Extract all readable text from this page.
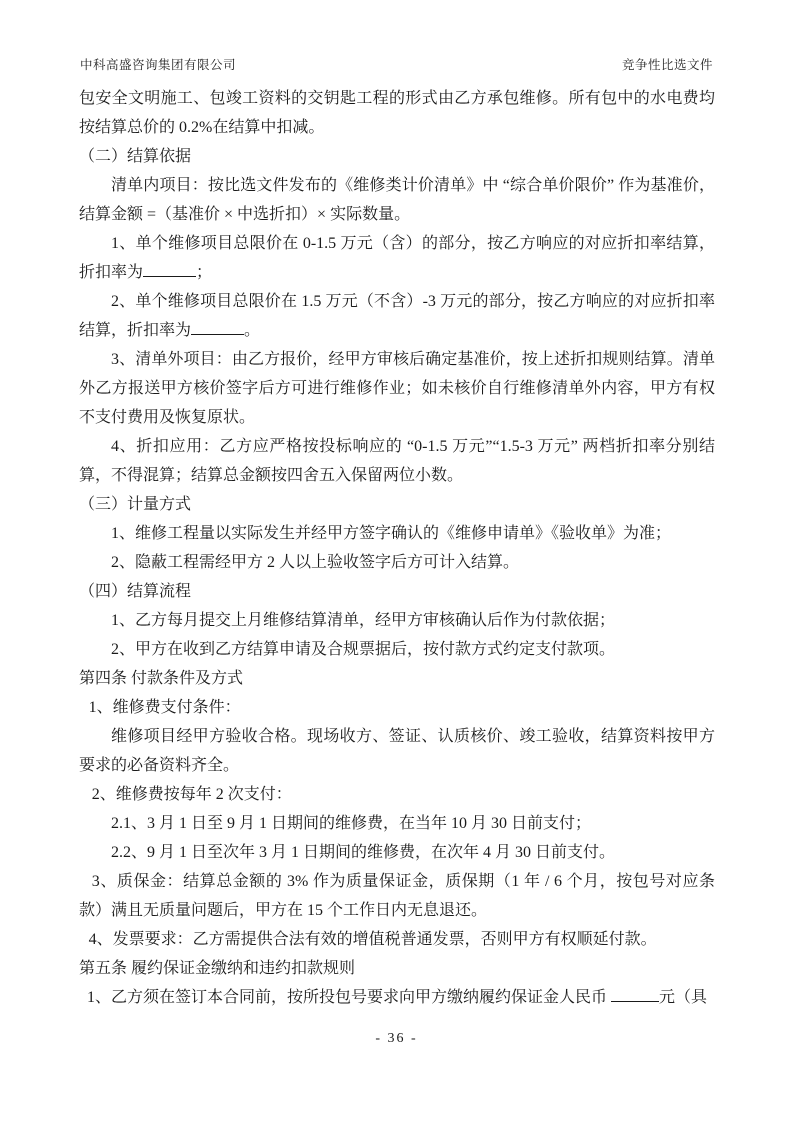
中科高盛咨询集团有限公司	竞争性比选文件
包安全文明施工、包竣工资料的交钥匙工程的形式由乙方承包维修。所有包中的水电费均按结算总价的 0.2%在结算中扣减。
（二）结算依据
清单内项目：按比选文件发布的《维修类计价清单》中 “综合单价限价” 作为基准价，结算金额 =（基准价 × 中选折扣）× 实际数量。
1、单个维修项目总限价在 0-1.5 万元（含）的部分，按乙方响应的对应折扣率结算，折扣率为	；
2、单个维修项目总限价在 1.5 万元（不含）-3 万元的部分，按乙方响应的对应折扣率结算，折扣率为	。
3、清单外项目：由乙方报价，经甲方审核后确定基准价，按上述折扣规则结算。清单外乙方报送甲方核价签字后方可进行维修作业；如未核价自行维修清单外内容，甲方有权不支付费用及恢复原状。
4、折扣应用：乙方应严格按投标响应的 “0-1.5 万元”“1.5-3 万元” 两档折扣率分别结算，不得混算；结算总金额按四舍五入保留两位小数。
（三）计量方式
1、维修工程量以实际发生并经甲方签字确认的《维修申请单》《验收单》为准；
2、隐蔽工程需经甲方 2 人以上验收签字后方可计入结算。
（四）结算流程
1、乙方每月提交上月维修结算清单，经甲方审核确认后作为付款依据；
2、甲方在收到乙方结算申请及合规票据后，按付款方式约定支付款项。
第四条 付款条件及方式
1、维修费支付条件：
维修项目经甲方验收合格。现场收方、签证、认质核价、竣工验收，结算资料按甲方要求的必备资料齐全。
2、维修费按每年 2 次支付：
2.1、3 月 1 日至 9 月 1 日期间的维修费，在当年 10 月 30 日前支付；
2.2、9 月 1 日至次年 3 月 1 日期间的维修费，在次年 4 月 30 日前支付。
3、质保金：结算总金额的 3% 作为质量保证金，质保期（1 年 / 6 个月，按包号对应条款）满且无质量问题后，甲方在 15 个工作日内无息退还。
4、发票要求：乙方需提供合法有效的增值税普通发票，否则甲方有权顺延付款。
第五条 履约保证金缴纳和违约扣款规则
1、乙方须在签订本合同前，按所投包号要求向甲方缴纳履约保证金人民币	元（具
- 36 -
